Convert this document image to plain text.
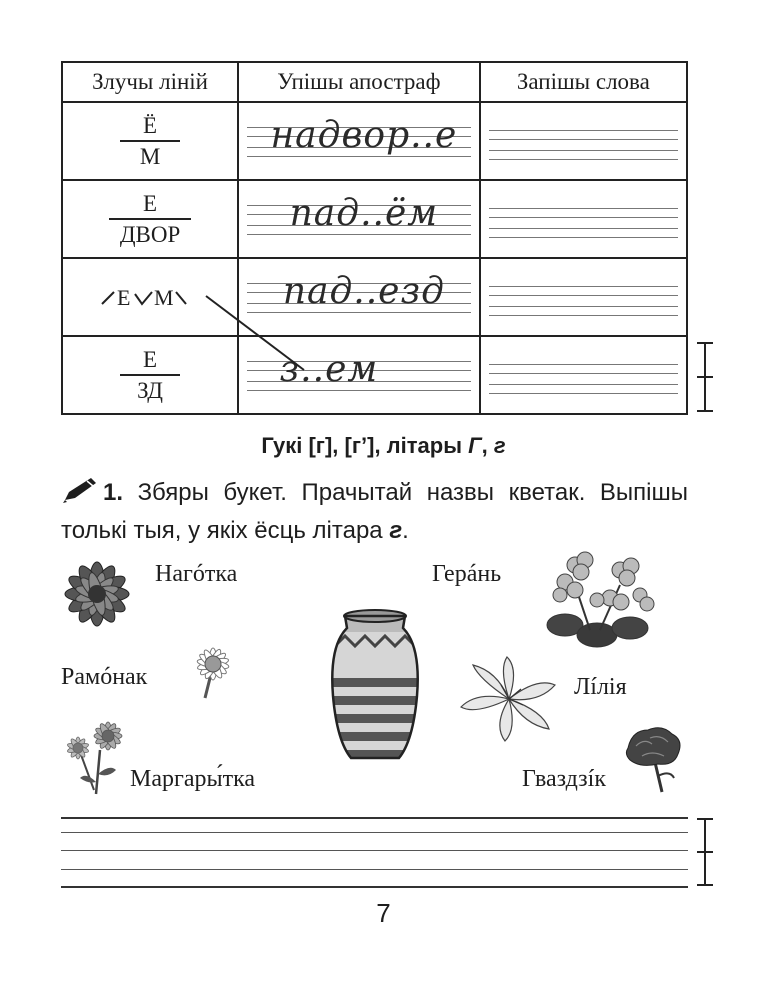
Злучы ліній	Упішы апостраф	Запішы слова

Ё
М	надвор..е	

Е
ДВОР	пад..ём	

Е М	пад..езд	

Е
ЗД	з..ем	

Гукі [г], [г’], літары Г, г
1. Збяры букет. Прачытай назвы кветак. Выпішы толькі тыя, у якіх ёсць літара г.
Нагóтка	Герáнь
Рамóнак	Лíлія
Маргары́тка	Гваздзíк
7
